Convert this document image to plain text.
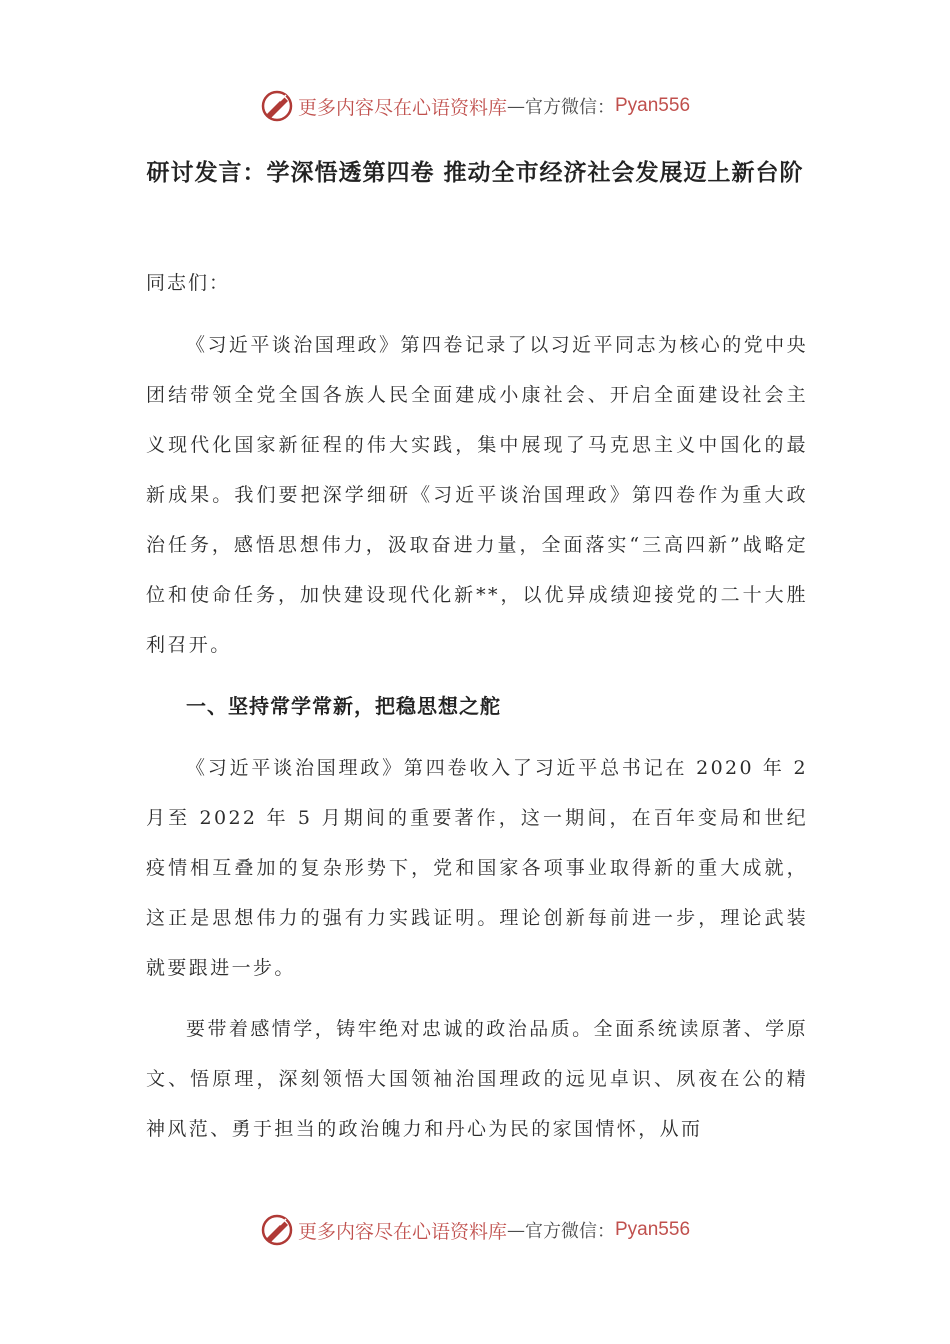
更多内容尽在心语资料库 — 官方微信： Pyan556
研讨发言：学深悟透第四卷 推动全市经济社会发展迈上新台阶
同志们：

《习近平谈治国理政》第四卷记录了以习近平同志为核心的党中央团结带领全党全国各族人民全面建成小康社会、开启全面建设社会主义现代化国家新征程的伟大实践，集中展现了马克思主义中国化的最新成果。我们要把深学细研《习近平谈治国理政》第四卷作为重大政治任务，感悟思想伟力，汲取奋进力量，全面落实“三高四新”战略定位和使命任务，加快建设现代化新**，以优异成绩迎接党的二十大胜利召开。

一、坚持常学常新，把稳思想之舵

《习近平谈治国理政》第四卷收入了习近平总书记在 2020 年 2 月至 2022 年 5 月期间的重要著作，这一期间，在百年变局和世纪疫情相互叠加的复杂形势下，党和国家各项事业取得新的重大成就，这正是思想伟力的强有力实践证明。理论创新每前进一步，理论武装就要跟进一步。

要带着感情学，铸牢绝对忠诚的政治品质。全面系统读原著、学原文、悟原理，深刻领悟大国领袖治国理政的远见卓识、夙夜在公的精神风范、勇于担当的政治魄力和丹心为民的家国情怀，从而

更多内容尽在心语资料库 — 官方微信： Pyan556
